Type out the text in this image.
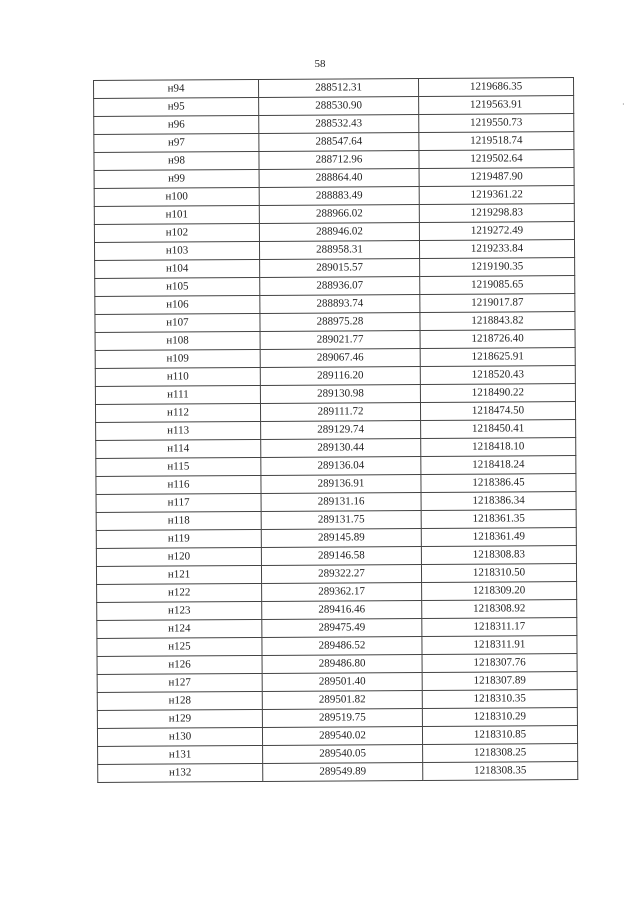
58
·
н94	288512.31	1219686.35
н95	288530.90	1219563.91
н96	288532.43	1219550.73
н97	288547.64	1219518.74
н98	288712.96	1219502.64
н99	288864.40	1219487.90
н100	288883.49	1219361.22
н101	288966.02	1219298.83
н102	288946.02	1219272.49
н103	288958.31	1219233.84
н104	289015.57	1219190.35
н105	288936.07	1219085.65
н106	288893.74	1219017.87
н107	288975.28	1218843.82
н108	289021.77	1218726.40
н109	289067.46	1218625.91
н110	289116.20	1218520.43
н111	289130.98	1218490.22
н112	289111.72	1218474.50
н113	289129.74	1218450.41
н114	289130.44	1218418.10
н115	289136.04	1218418.24
н116	289136.91	1218386.45
н117	289131.16	1218386.34
н118	289131.75	1218361.35
н119	289145.89	1218361.49
н120	289146.58	1218308.83
н121	289322.27	1218310.50
н122	289362.17	1218309.20
н123	289416.46	1218308.92
н124	289475.49	1218311.17
н125	289486.52	1218311.91
н126	289486.80	1218307.76
н127	289501.40	1218307.89
н128	289501.82	1218310.35
н129	289519.75	1218310.29
н130	289540.02	1218310.85
н131	289540.05	1218308.25
н132	289549.89	1218308.35
